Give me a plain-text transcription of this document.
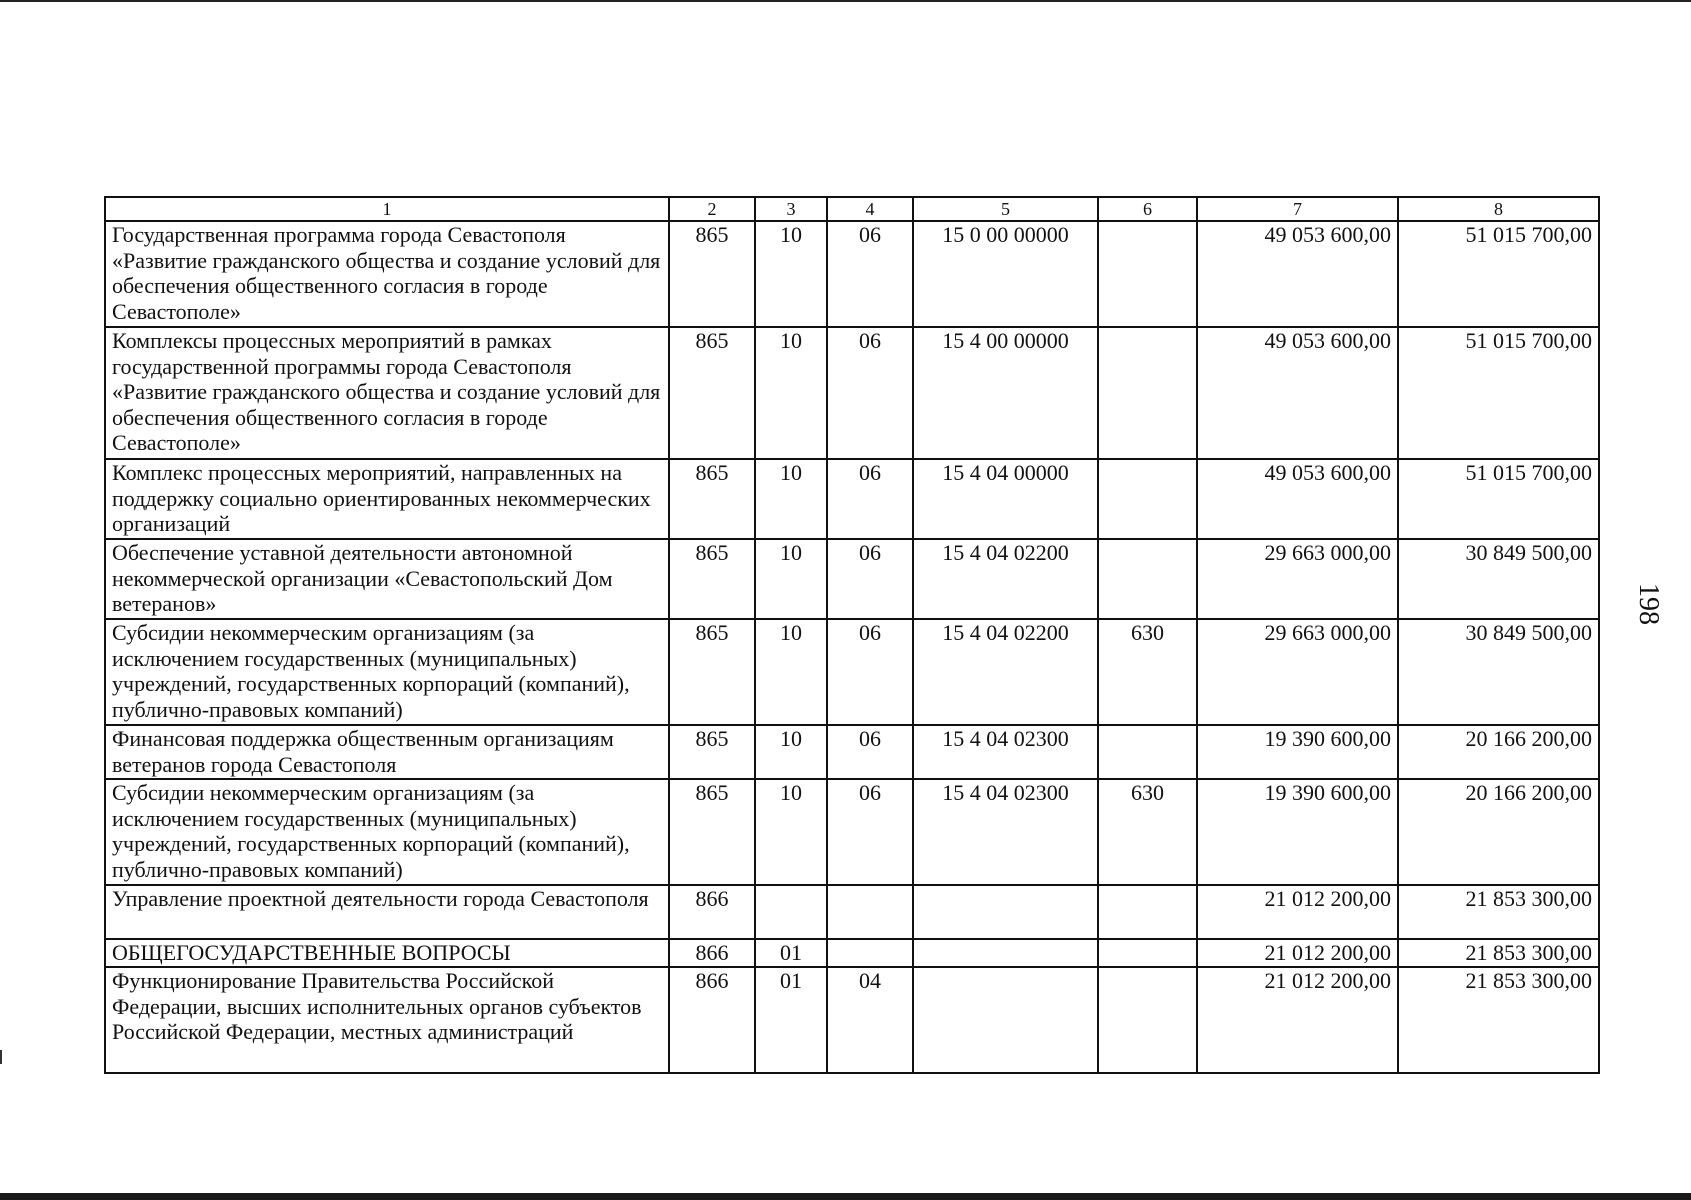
1	2	3	4	5	6	7	8
Государственная программа города Севастополя «Развитие гражданского общества и создание условий для обеспечения общественного согласия в городе Севастополе»	865	10	06	15 0 00 00000		49 053 600,00	51 015 700,00
Комплексы процессных мероприятий в рамках государственной программы города Севастополя «Развитие гражданского общества и создание условий для обеспечения общественного согласия в городе Севастополе»	865	10	06	15 4 00 00000		49 053 600,00	51 015 700,00
Комплекс процессных мероприятий, направленных на поддержку социально ориентированных некоммерческих организаций	865	10	06	15 4 04 00000		49 053 600,00	51 015 700,00
Обеспечение уставной деятельности автономной некоммерческой организации «Севастопольский Дом ветеранов»	865	10	06	15 4 04 02200		29 663 000,00	30 849 500,00
Субсидии некоммерческим организациям (за исключением государственных (муниципальных) учреждений, государственных корпораций (компаний), публично-правовых компаний)	865	10	06	15 4 04 02200	630	29 663 000,00	30 849 500,00
Финансовая поддержка общественным организациям ветеранов города Севастополя	865	10	06	15 4 04 02300		19 390 600,00	20 166 200,00
Субсидии некоммерческим организациям (за исключением государственных (муниципальных) учреждений, государственных корпораций (компаний), публично-правовых компаний)	865	10	06	15 4 04 02300	630	19 390 600,00	20 166 200,00
Управление проектной деятельности города Севастополя	866					21 012 200,00	21 853 300,00
ОБЩЕГОСУДАРСТВЕННЫЕ ВОПРОСЫ	866	01				21 012 200,00	21 853 300,00
Функционирование Правительства Российской Федерации, высших исполнительных органов субъектов Российской Федерации, местных администраций	866	01	04			21 012 200,00	21 853 300,00
198
